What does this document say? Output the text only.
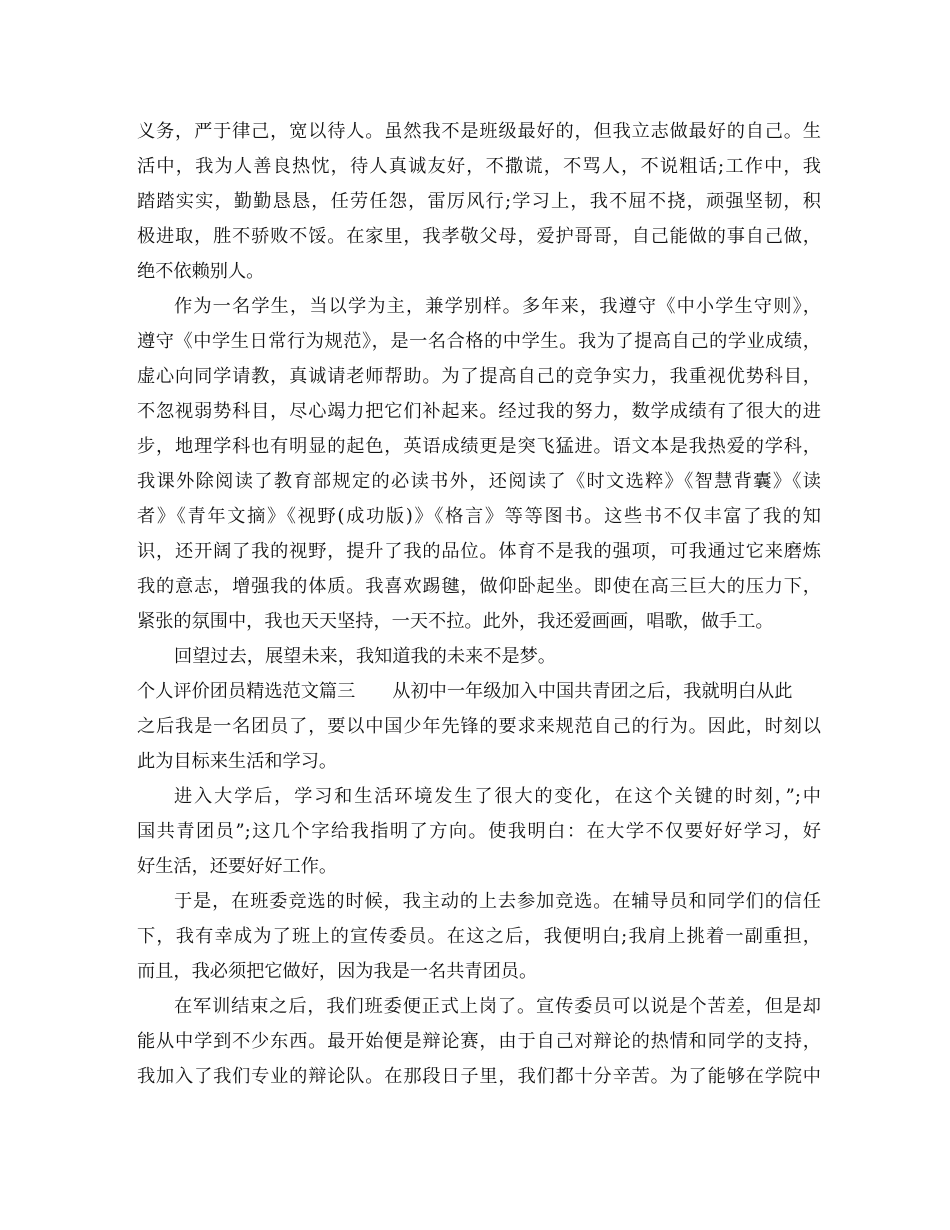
义务，严于律己，宽以待人。虽然我不是班级最好的，但我立志做最好的自己。生
活中，我为人善良热忱，待人真诚友好，不撒谎，不骂人，不说粗话;工作中，我
踏踏实实，勤勤恳恳，任劳任怨，雷厉风行;学习上，我不屈不挠，顽强坚韧，积
极进取，胜不骄败不馁。在家里，我孝敬父母，爱护哥哥，自己能做的事自己做，
绝不依赖别人。
作为一名学生，当以学为主，兼学别样。多年来，我遵守《中小学生守则》，
遵守《中学生日常行为规范》，是一名合格的中学生。我为了提高自己的学业成绩，
虚心向同学请教，真诚请老师帮助。为了提高自己的竞争实力，我重视优势科目，
不忽视弱势科目，尽心竭力把它们补起来。经过我的努力，数学成绩有了很大的进
步，地理学科也有明显的起色，英语成绩更是突飞猛进。语文本是我热爱的学科，
我课外除阅读了教育部规定的必读书外，还阅读了《时文选粹》《智慧背囊》《读
者》《青年文摘》《视野(成功版)》《格言》等等图书。这些书不仅丰富了我的知
识，还开阔了我的视野，提升了我的品位。体育不是我的强项，可我通过它来磨炼
我的意志，增强我的体质。我喜欢踢毽，做仰卧起坐。即使在高三巨大的压力下，
紧张的氛围中，我也天天坚持，一天不拉。此外，我还爱画画，唱歌，做手工。
回望过去，展望未来，我知道我的未来不是梦。
个人评价团员精选范文篇三 从初中一年级加入中国共青团之后，我就明白从此
之后我是一名团员了，要以中国少年先锋的要求来规范自己的行为。因此，时刻以
此为目标来生活和学习。
进入大学后，学习和生活环境发生了很大的变化，在这个关键的时刻，”;中
国共青团员”;这几个字给我指明了方向。使我明白：在大学不仅要好好学习，好
好生活，还要好好工作。
于是，在班委竞选的时候，我主动的上去参加竞选。在辅导员和同学们的信任
下，我有幸成为了班上的宣传委员。在这之后，我便明白;我肩上挑着一副重担，
而且，我必须把它做好，因为我是一名共青团员。
在军训结束之后，我们班委便正式上岗了。宣传委员可以说是个苦差，但是却
能从中学到不少东西。最开始便是辩论赛，由于自己对辩论的热情和同学的支持，
我加入了我们专业的辩论队。在那段日子里，我们都十分辛苦。为了能够在学院中
